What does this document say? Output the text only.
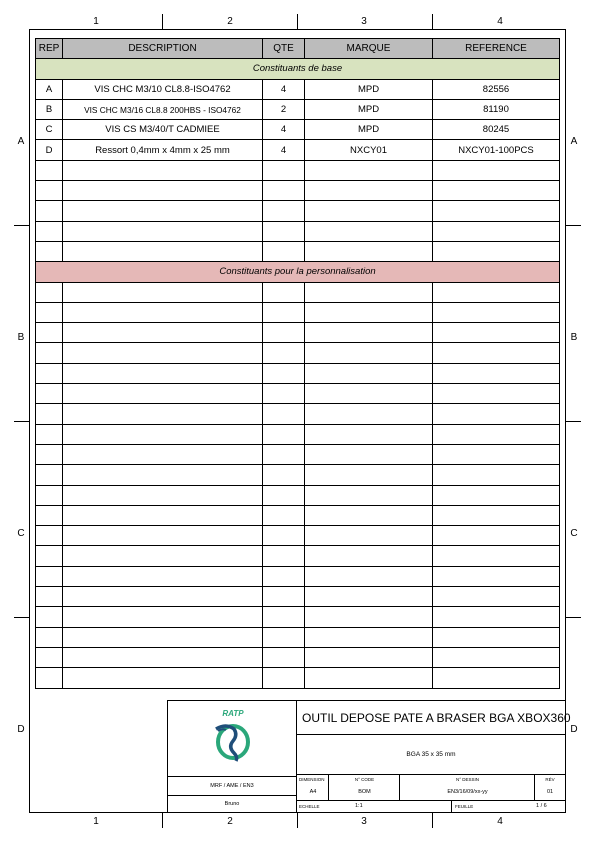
1	2	3	4
1	2	3	4
A
B
C
D
A
B
C
D
REP	DESCRIPTION	QTE	MARQUE	REFERENCE
Constituants de base				
A	VIS CHC M3/10 CL8.8-ISO4762	4	MPD	82556
B	VIS CHC M3/16 CL8.8 200HBS - ISO4762	2	MPD	81190
C	VIS CS M3/40/T CADMIEE	4	MPD	80245
D	Ressort 0,4mm x 4mm x 25 mm	4	NXCY01	NXCY01-100PCS

Constituants pour la personnalisation				

RATP
MRF / AME / EN3
Bruno
OUTIL DEPOSE PATE A BRASER BGA XBOX360
BGA 35 x 35 mm
DIMENSION
A4
N° CODE
BOM
N° DESSIN
EN3/16/09/xx-yy
RÉV
01
ECHELLE	1:1	FEUILLE	1 / 6
